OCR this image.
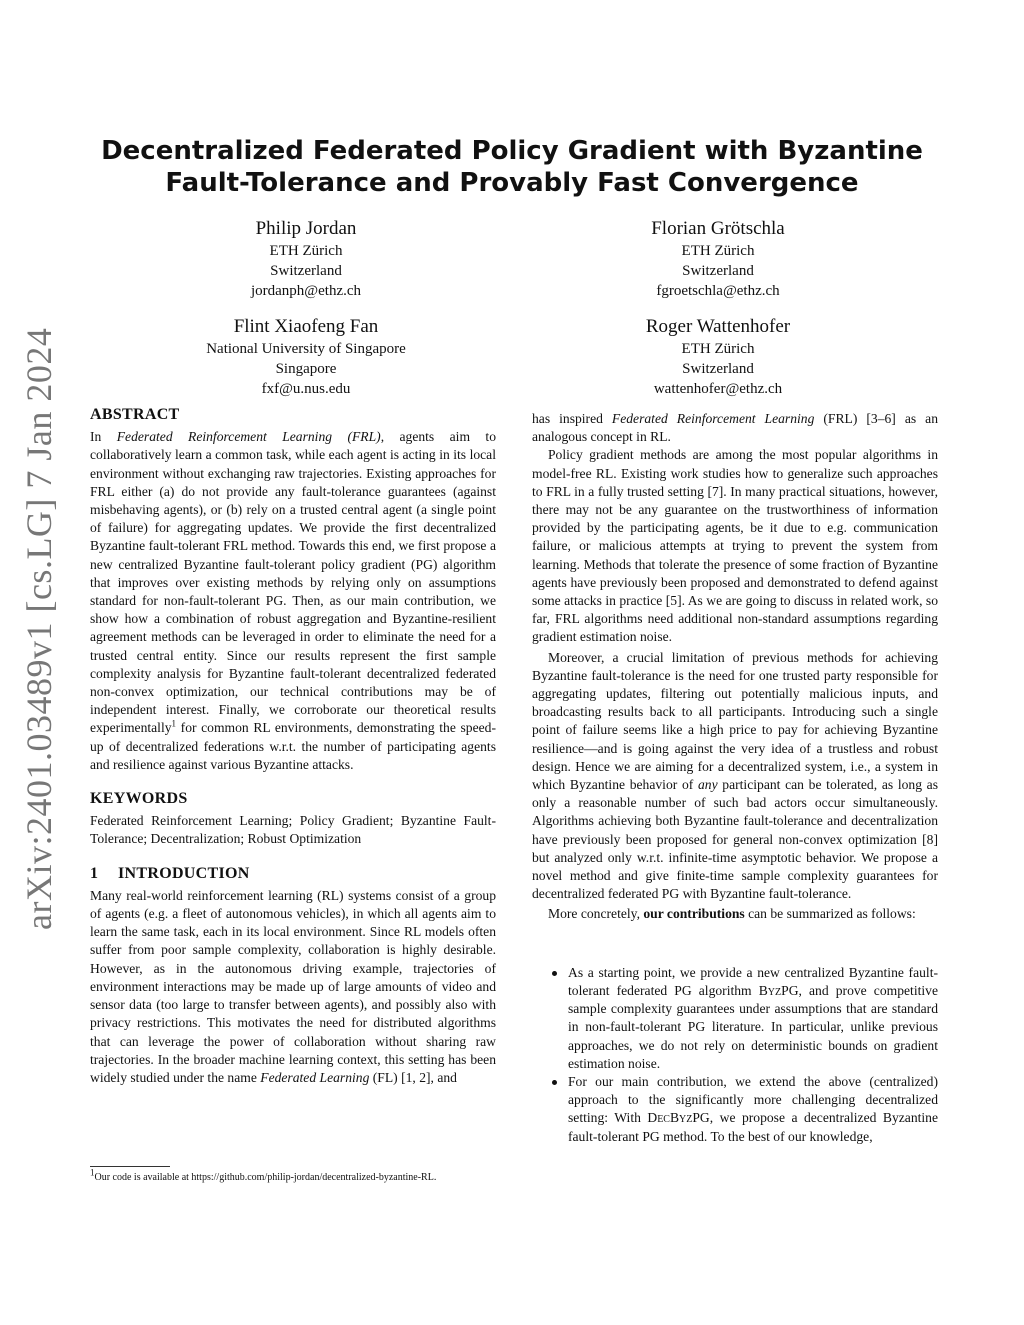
arXiv:2401.03489v1 [cs.LG] 7 Jan 2024
Decentralized Federated Policy Gradient with Byzantine
Fault-Tolerance and Provably Fast Convergence
Philip Jordan
ETH Zürich
Switzerland
jordanph@ethz.ch
Florian Grötschla
ETH Zürich
Switzerland
fgroetschla@ethz.ch
Flint Xiaofeng Fan
National University of Singapore
Singapore
fxf@u.nus.edu
Roger Wattenhofer
ETH Zürich
Switzerland
wattenhofer@ethz.ch
ABSTRACT

In Federated Reinforcement Learning (FRL), agents aim to collaboratively learn a common task, while each agent is acting in its local environment without exchanging raw trajectories. Existing approaches for FRL either (a) do not provide any fault-tolerance guarantees (against misbehaving agents), or (b) rely on a trusted central agent (a single point of failure) for aggregating updates. We provide the first decentralized Byzantine fault-tolerant FRL method. Towards this end, we first propose a new centralized Byzantine fault-tolerant policy gradient (PG) algorithm that improves over existing methods by relying only on assumptions standard for non-fault-tolerant PG. Then, as our main contribution, we show how a combination of robust aggregation and Byzantine-resilient agreement methods can be leveraged in order to eliminate the need for a trusted central entity. Since our results represent the first sample complexity analysis for Byzantine fault-tolerant decentralized federated non-convex optimization, our technical contributions may be of independent interest. Finally, we corroborate our theoretical results experimentally$^1$ for common RL environments, demonstrating the speed-up of decentralized federations w.r.t. the number of participating agents and resilience against various Byzantine attacks.

KEYWORDS

Federated Reinforcement Learning; Policy Gradient; Byzantine Fault-Tolerance; Decentralization; Robust Optimization

1 INTRODUCTION

Many real-world reinforcement learning (RL) systems consist of a group of agents (e.g. a fleet of autonomous vehicles), in which all agents aim to learn the same task, each in its local environment. Since RL models often suffer from poor sample complexity, collaboration is highly desirable. However, as in the autonomous driving example, trajectories of environment interactions may be made up of large amounts of video and sensor data (too large to transfer between agents), and possibly also with privacy restrictions. This motivates the need for distributed algorithms that can leverage the power of collaboration without sharing raw trajectories. In the broader machine learning context, this setting has been widely studied under the name Federated Learning (FL) [1, 2], and

$^1$Our code is available at https://github.com/philip-jordan/decentralized-byzantine-RL.

has inspired Federated Reinforcement Learning (FRL) [3–6] as an analogous concept in RL.

Policy gradient methods are among the most popular algorithms in model-free RL. Existing work studies how to generalize such approaches to FRL in a fully trusted setting [7]. In many practical situations, however, there may not be any guarantee on the trustworthiness of information provided by the participating agents, be it due to e.g. communication failure, or malicious attempts at trying to prevent the system from learning. Methods that tolerate the presence of some fraction of Byzantine agents have previously been proposed and demonstrated to defend against some attacks in practice [5]. As we are going to discuss in related work, so far, FRL algorithms need additional non-standard assumptions regarding gradient estimation noise.

Moreover, a crucial limitation of previous methods for achieving Byzantine fault-tolerance is the need for one trusted party responsible for aggregating updates, filtering out potentially malicious inputs, and broadcasting results back to all participants. Introducing such a single point of failure seems like a high price to pay for achieving Byzantine resilience—and is going against the very idea of a trustless and robust design. Hence we are aiming for a decentralized system, i.e., a system in which Byzantine behavior of any participant can be tolerated, as long as only a reasonable number of such bad actors occur simultaneously. Algorithms achieving both Byzantine fault-tolerance and decentralization have previously been proposed for general non-convex optimization [8] but analyzed only w.r.t. infinite-time asymptotic behavior. We propose a novel method and give finite-time sample complexity guarantees for decentralized federated PG with Byzantine fault-tolerance.

More concretely, our contributions can be summarized as follows:

As a starting point, we provide a new centralized Byzantine fault-tolerant federated PG algorithm ByzPG, and prove competitive sample complexity guarantees under assumptions that are standard in non-fault-tolerant PG literature. In particular, unlike previous approaches, we do not rely on deterministic bounds on gradient estimation noise.
For our main contribution, we extend the above (centralized) approach to the significantly more challenging decentralized setting: With DecByzPG, we propose a decentralized Byzantine fault-tolerant PG method. To the best of our knowledge,
